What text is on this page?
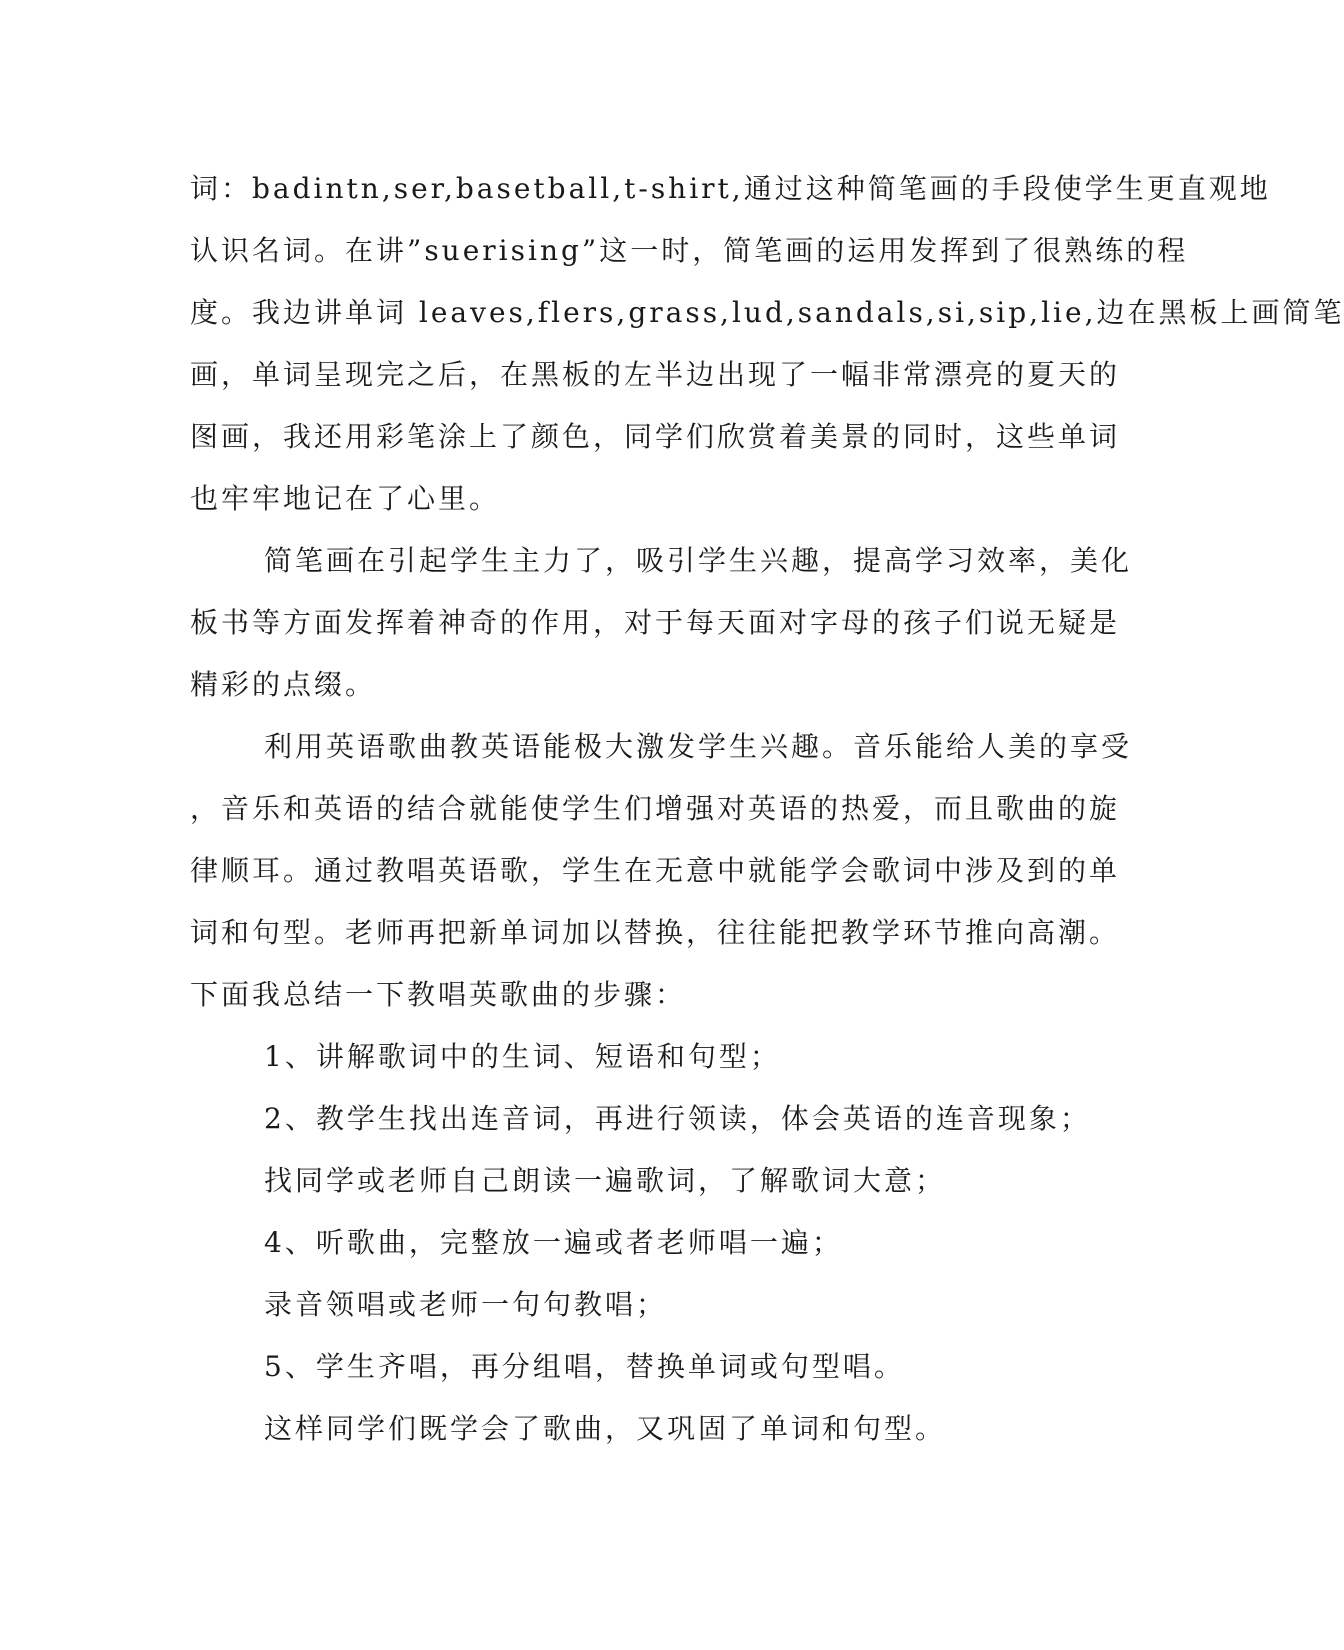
词：badintn,ser,basetball,t-shirt,通过这种简笔画的手段使学生更直观地
认识名词。在讲”suerising”这一时，简笔画的运用发挥到了很熟练的程
度。我边讲单词 leaves,flers,grass,lud,sandals,si,sip,lie,边在黑板上画简笔
画，单词呈现完之后，在黑板的左半边出现了一幅非常漂亮的夏天的
图画，我还用彩笔涂上了颜色，同学们欣赏着美景的同时，这些单词
也牢牢地记在了心里。
简笔画在引起学生主力了，吸引学生兴趣，提高学习效率，美化
板书等方面发挥着神奇的作用，对于每天面对字母的孩子们说无疑是
精彩的点缀。
利用英语歌曲教英语能极大激发学生兴趣。音乐能给人美的享受
，音乐和英语的结合就能使学生们增强对英语的热爱，而且歌曲的旋
律顺耳。通过教唱英语歌，学生在无意中就能学会歌词中涉及到的单
词和句型。老师再把新单词加以替换，往往能把教学环节推向高潮。
下面我总结一下教唱英歌曲的步骤：
1、讲解歌词中的生词、短语和句型；
2、教学生找出连音词，再进行领读，体会英语的连音现象；
找同学或老师自己朗读一遍歌词，了解歌词大意；
4、听歌曲，完整放一遍或者老师唱一遍；
录音领唱或老师一句句教唱；
5、学生齐唱，再分组唱，替换单词或句型唱。
这样同学们既学会了歌曲，又巩固了单词和句型。
